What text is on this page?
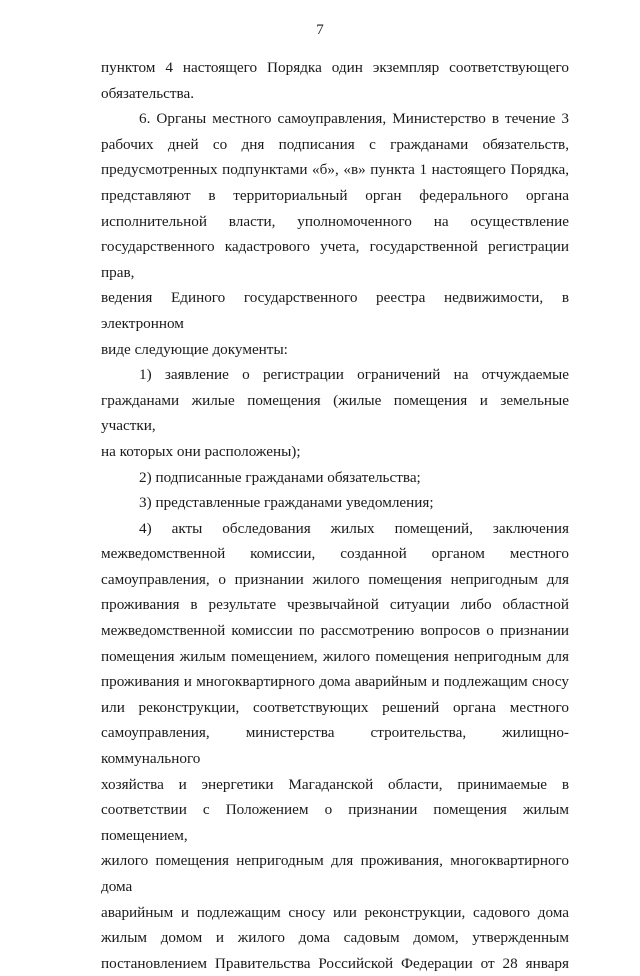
7
пунктом 4 настоящего Порядка один экземпляр соответствующего
обязательства.
6. Органы местного самоуправления, Министерство в течение 3
рабочих дней со дня подписания с гражданами обязательств,
предусмотренных подпунктами «б», «в» пункта 1 настоящего Порядка,
представляют в территориальный орган федерального органа
исполнительной власти, уполномоченного на осуществление
государственного кадастрового учета, государственной регистрации прав,
ведения Единого государственного реестра недвижимости, в электронном
виде следующие документы:
1) заявление о регистрации ограничений на отчуждаемые
гражданами жилые помещения (жилые помещения и земельные участки,
на которых они расположены);
2) подписанные гражданами обязательства;
3) представленные гражданами уведомления;
4) акты обследования жилых помещений, заключения
межведомственной комиссии, созданной органом местного
самоуправления, о признании жилого помещения непригодным для
проживания в результате чрезвычайной ситуации либо областной
межведомственной комиссии по рассмотрению вопросов о признании
помещения жилым помещением, жилого помещения непригодным для
проживания и многоквартирного дома аварийным и подлежащим сносу
или реконструкции, соответствующих решений органа местного
самоуправления, министерства строительства, жилищно-коммунального
хозяйства и энергетики Магаданской области, принимаемые в
соответствии с Положением о признании помещения жилым помещением,
жилого помещения непригодным для проживания, многоквартирного дома
аварийным и подлежащим сносу или реконструкции, садового дома
жилым домом и жилого дома садовым домом, утвержденным
постановлением Правительства Российской Федерации от 28 января
